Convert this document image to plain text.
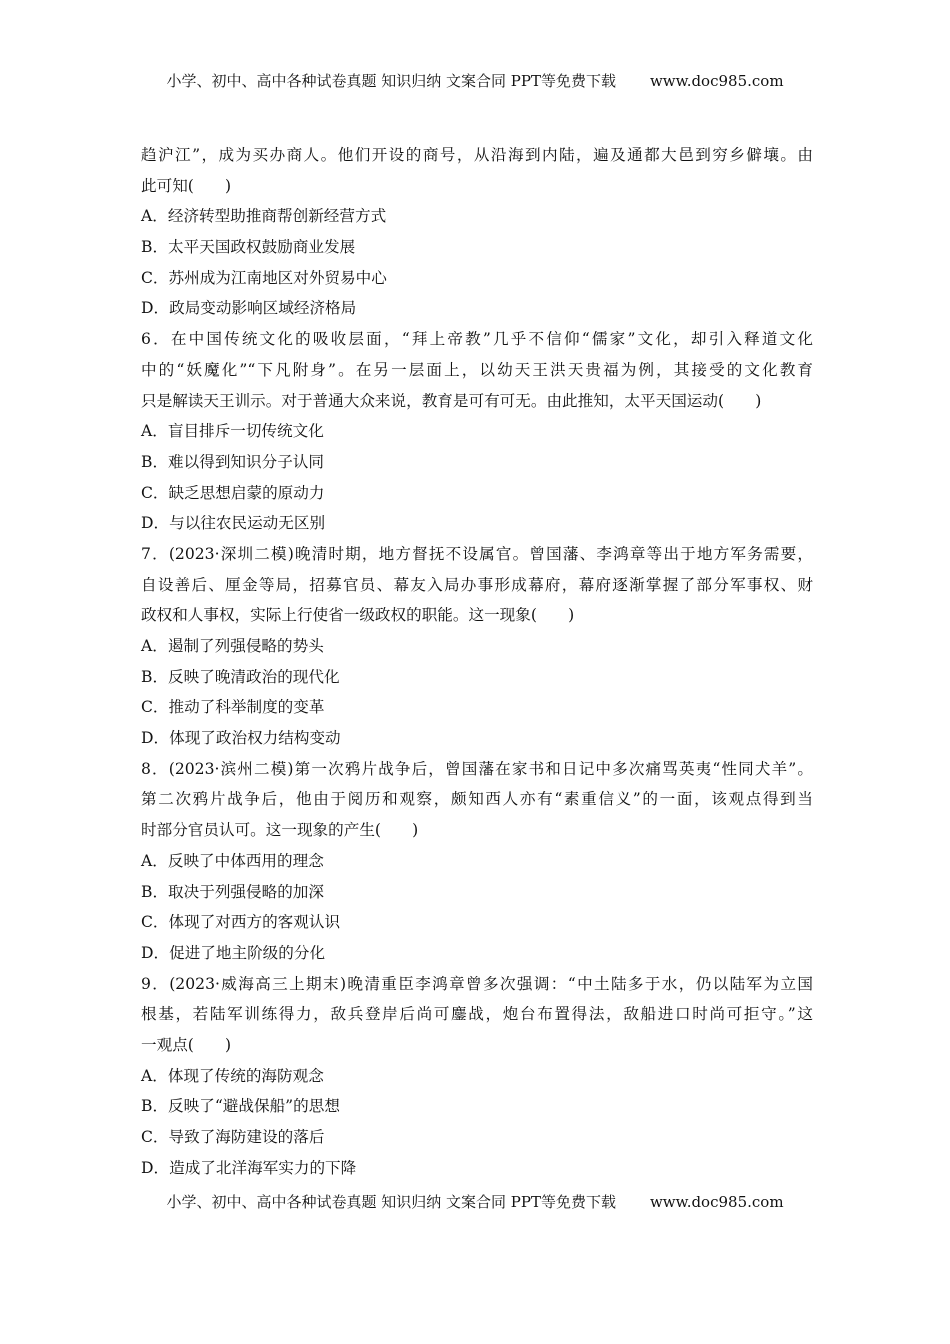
小学、初中、高中各种试卷真题 知识归纳 文案合同 PPT等免费下载 www.doc985.com
趋沪江”，成为买办商人。他们开设的商号，从沿海到内陆，遍及通都大邑到穷乡僻壤。由
此可知(　　)
A．经济转型助推商帮创新经营方式
B．太平天国政权鼓励商业发展
C．苏州成为江南地区对外贸易中心
D．政局变动影响区域经济格局
6．在中国传统文化的吸收层面，“拜上帝教”几乎不信仰“儒家”文化，却引入释道文化
中的“妖魔化”“下凡附身”。在另一层面上，以幼天王洪天贵福为例，其接受的文化教育
只是解读天王训示。对于普通大众来说，教育是可有可无。由此推知，太平天国运动(　　)
A．盲目排斥一切传统文化
B．难以得到知识分子认同
C．缺乏思想启蒙的原动力
D．与以往农民运动无区别
7．(2023·深圳二模)晚清时期，地方督抚不设属官。曾国藩、李鸿章等出于地方军务需要，
自设善后、厘金等局，招募官员、幕友入局办事形成幕府，幕府逐渐掌握了部分军事权、财
政权和人事权，实际上行使省一级政权的职能。这一现象(　　)
A．遏制了列强侵略的势头
B．反映了晚清政治的现代化
C．推动了科举制度的变革
D．体现了政治权力结构变动
8．(2023·滨州二模)第一次鸦片战争后，曾国藩在家书和日记中多次痛骂英夷“性同犬羊”。
第二次鸦片战争后，他由于阅历和观察，颇知西人亦有“素重信义”的一面，该观点得到当
时部分官员认可。这一现象的产生(　　)
A．反映了中体西用的理念
B．取决于列强侵略的加深
C．体现了对西方的客观认识
D．促进了地主阶级的分化
9．(2023·威海高三上期末)晚清重臣李鸿章曾多次强调：“中土陆多于水，仍以陆军为立国
根基，若陆军训练得力，敌兵登岸后尚可鏖战，炮台布置得法，敌船进口时尚可拒守。”这
一观点(　　)
A．体现了传统的海防观念
B．反映了“避战保船”的思想
C．导致了海防建设的落后
D．造成了北洋海军实力的下降
小学、初中、高中各种试卷真题 知识归纳 文案合同 PPT等免费下载 www.doc985.com
